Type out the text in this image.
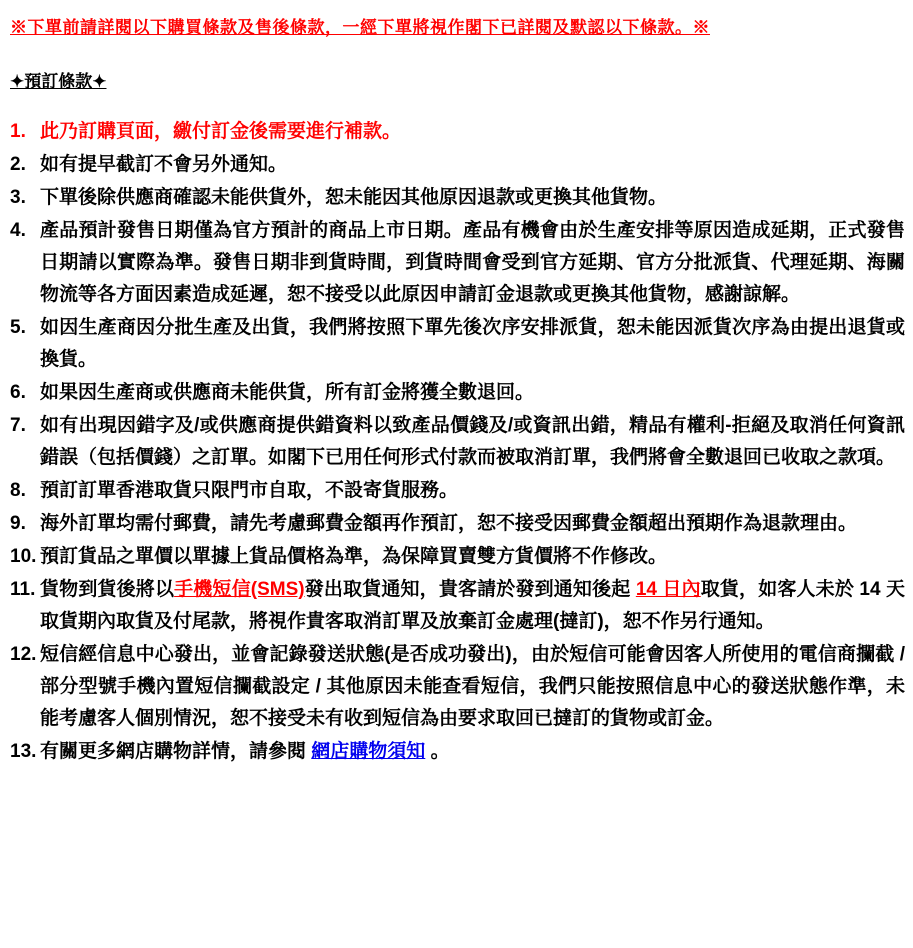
※下單前請詳閱以下購買條款及售後條款，一經下單將視作閣下已詳閱及默認以下條款。※
✦預訂條款✦
1. 此乃訂購頁面，繳付訂金後需要進行補款。
2. 如有提早截訂不會另外通知。
3. 下單後除供應商確認未能供貨外，恕未能因其他原因退款或更換其他貨物。
4. 產品預計發售日期僅為官方預計的商品上市日期。產品有機會由於生產安排等原因造成延期，正式發售日期請以實際為準。發售日期非到貨時間，到貨時間會受到官方延期、官方分批派貨、代理延期、海關物流等各方面因素造成延遲，恕不接受以此原因申請訂金退款或更換其他貨物，感謝諒解。
5. 如因生產商因分批生產及出貨，我們將按照下單先後次序安排派貨，恕未能因派貨次序為由提出退貨或換貨。
6. 如果因生產商或供應商未能供貨，所有訂金將獲全數退回。
7. 如有出現因錯字及/或供應商提供錯資料以致產品價錢及/或資訊出錯，精品有權利-拒絕及取消任何資訊錯誤（包括價錢）之訂單。如閣下已用任何形式付款而被取消訂單，我們將會全數退回已收取之款項。
8. 預訂訂單香港取貨只限門市自取，不設寄貨服務。
9. 海外訂單均需付郵費，請先考慮郵費金額再作預訂，恕不接受因郵費金額超出預期作為退款理由。
10. 預訂貨品之單價以單據上貨品價格為準，為保障買賣雙方貨價將不作修改。
11. 貨物到貨後將以手機短信(SMS)發出取貨通知，貴客請於發到通知後起 14 日內取貨，如客人未於 14 天取貨期內取貨及付尾款，將視作貴客取消訂單及放棄訂金處理(撻訂)，恕不作另行通知。
12. 短信經信息中心發出，並會記錄發送狀態(是否成功發出)，由於短信可能會因客人所使用的電信商攔截 / 部分型號手機內置短信攔截設定 / 其他原因未能查看短信，我們只能按照信息中心的發送狀態作準，未能考慮客人個別情況，恕不接受未有收到短信為由要求取回已撻訂的貨物或訂金。
13. 有關更多網店購物詳情，請參閱 網店購物須知 。
